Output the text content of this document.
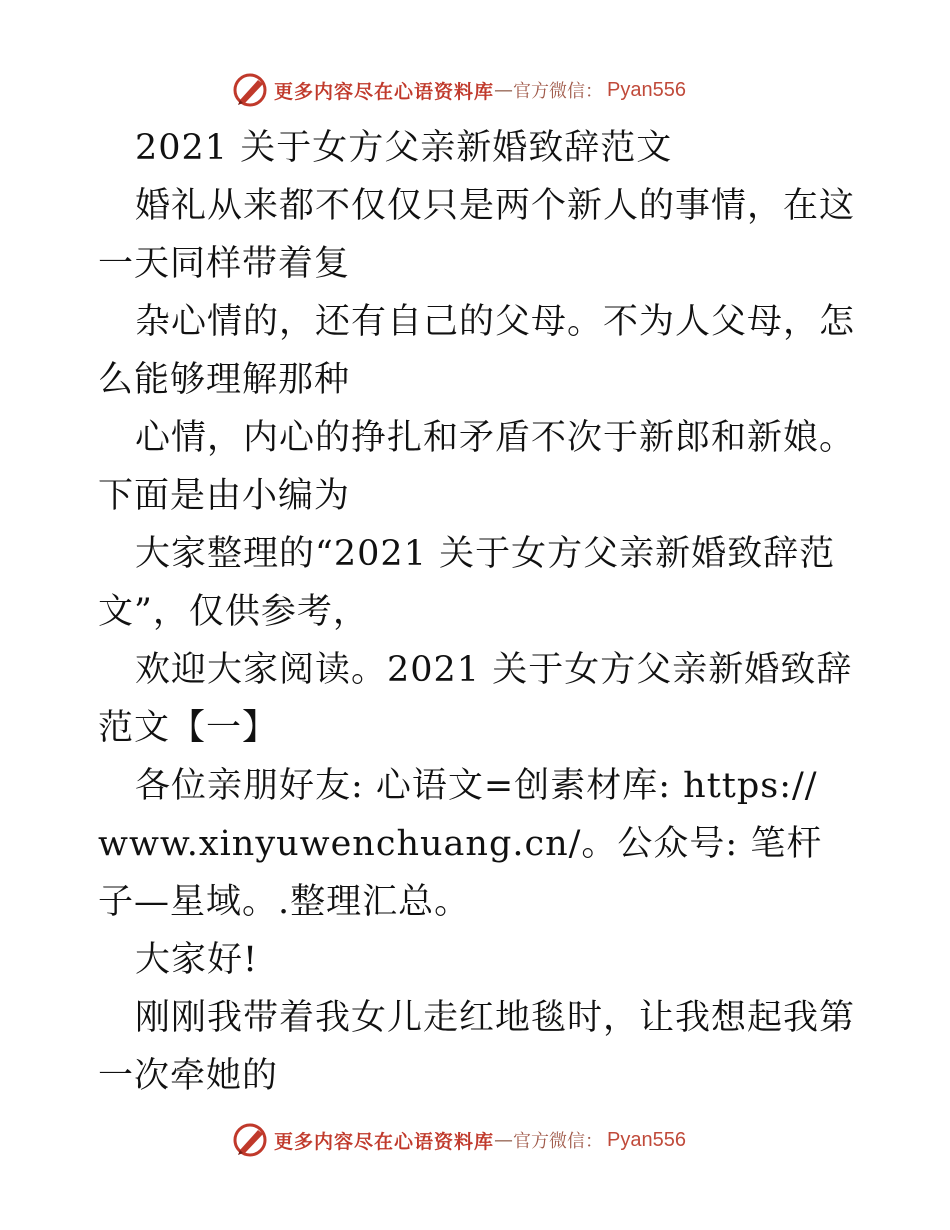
更多内容尽在心语资料库 — 官方微信： Pyan556

2021 关于女方父亲新婚致辞范文

婚礼从来都不仅仅只是两个新人的事情，在这一天同样带着复

杂心情的，还有自己的父母。不为人父母，怎么能够理解那种

心情，内心的挣扎和矛盾不次于新郎和新娘。下面是由小编为

大家整理的“2021 关于女方父亲新婚致辞范文”，仅供参考，

欢迎大家阅读。2021 关于女方父亲新婚致辞范文【一】

各位亲朋好友: 心语文=创素材库: https:// www.xinyuwenchuang.cn/。公众号: 笔杆子—星域。.整理汇总。

大家好!

刚刚我带着我女儿走红地毯时，让我想起我第一次牵她的

更多内容尽在心语资料库 — 官方微信： Pyan556
